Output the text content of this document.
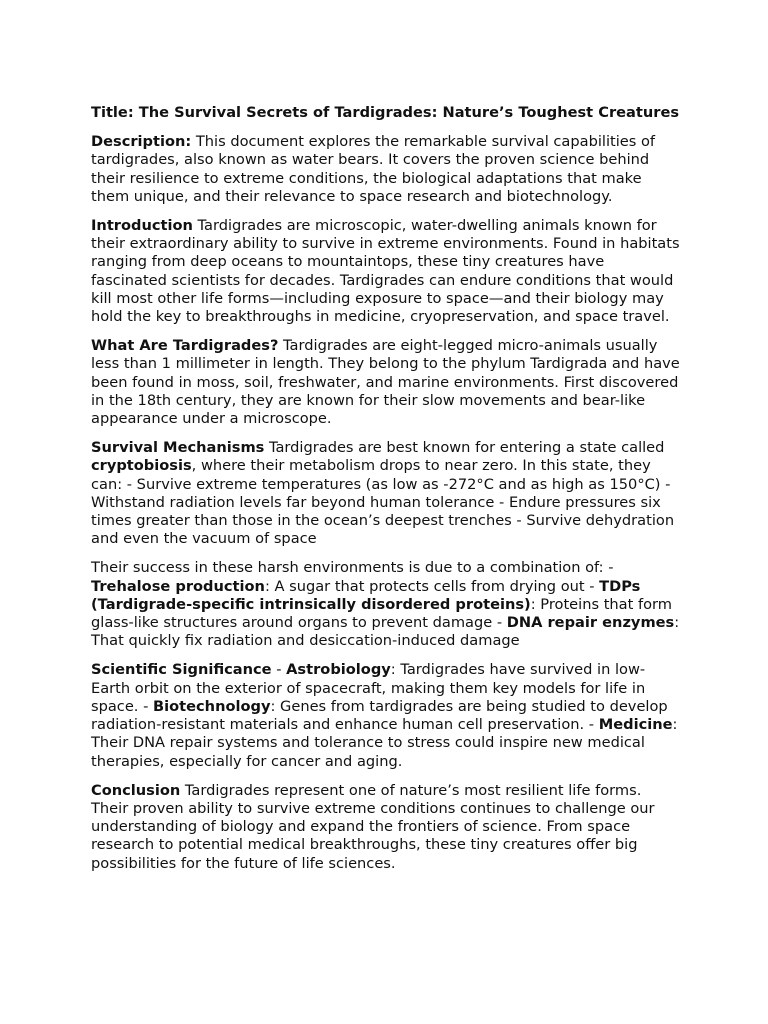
Title: The Survival Secrets of Tardigrades: Nature’s Toughest Creatures

Description: This document explores the remarkable survival capabilities of tardigrades, also known as water bears. It covers the proven science behind their resilience to extreme conditions, the biological adaptations that make them unique, and their relevance to space research and biotechnology.

Introduction Tardigrades are microscopic, water-dwelling animals known for their extraordinary ability to survive in extreme environments. Found in habitats ranging from deep oceans to mountaintops, these tiny creatures have fascinated scientists for decades. Tardigrades can endure conditions that would kill most other life forms—including exposure to space—and their biology may hold the key to breakthroughs in medicine, cryopreservation, and space travel.

What Are Tardigrades? Tardigrades are eight-legged micro-animals usually less than 1 millimeter in length. They belong to the phylum Tardigrada and have been found in moss, soil, freshwater, and marine environments. First discovered in the 18th century, they are known for their slow movements and bear-like appearance under a microscope.

Survival Mechanisms Tardigrades are best known for entering a state called cryptobiosis, where their metabolism drops to near zero. In this state, they can: - Survive extreme temperatures (as low as -272°C and as high as 150°C) - Withstand radiation levels far beyond human tolerance - Endure pressures six times greater than those in the ocean’s deepest trenches - Survive dehydration and even the vacuum of space

Their success in these harsh environments is due to a combination of: - Trehalose production: A sugar that protects cells from drying out - TDPs (Tardigrade-specific intrinsically disordered proteins): Proteins that form glass-like structures around organs to prevent damage - DNA repair enzymes: That quickly fix radiation and desiccation-induced damage

Scientific Significance - Astrobiology: Tardigrades have survived in low-Earth orbit on the exterior of spacecraft, making them key models for life in space. - Biotechnology: Genes from tardigrades are being studied to develop radiation-resistant materials and enhance human cell preservation. - Medicine: Their DNA repair systems and tolerance to stress could inspire new medical therapies, especially for cancer and aging.

Conclusion Tardigrades represent one of nature’s most resilient life forms. Their proven ability to survive extreme conditions continues to challenge our understanding of biology and expand the frontiers of science. From space research to potential medical breakthroughs, these tiny creatures offer big possibilities for the future of life sciences.
